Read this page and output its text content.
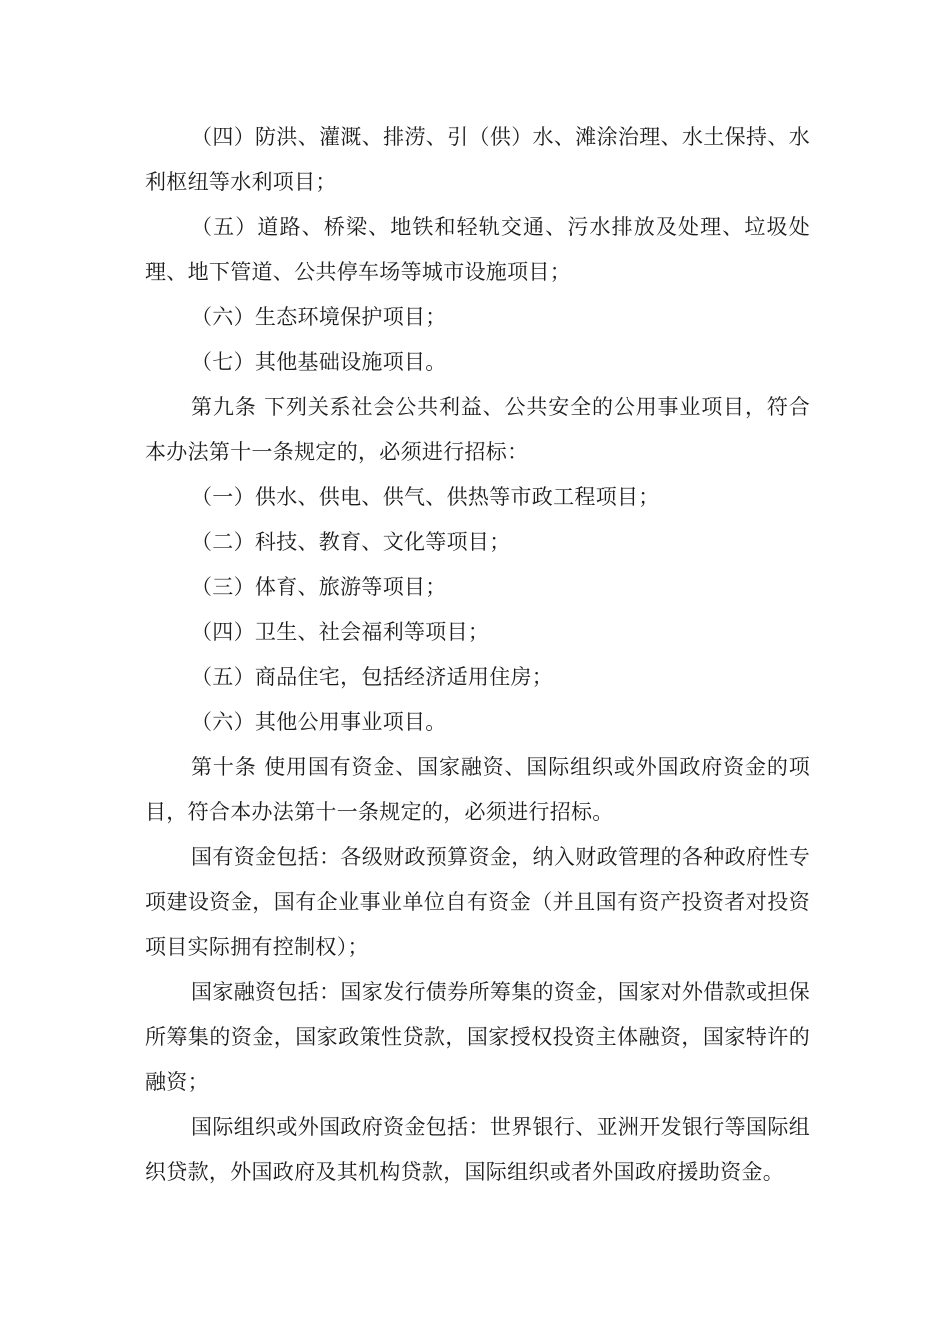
（四）防洪、灌溉、排涝、引（供）水、滩涂治理、水土保持、水利枢纽等水利项目；

（五）道路、桥梁、地铁和轻轨交通、污水排放及处理、垃圾处理、地下管道、公共停车场等城市设施项目；

（六）生态环境保护项目；

（七）其他基础设施项目。

第九条 下列关系社会公共利益、公共安全的公用事业项目，符合本办法第十一条规定的，必须进行招标：

（一）供水、供电、供气、供热等市政工程项目；

（二）科技、教育、文化等项目；

（三）体育、旅游等项目；

（四）卫生、社会福利等项目；

（五）商品住宅，包括经济适用住房；

（六）其他公用事业项目。

第十条 使用国有资金、国家融资、国际组织或外国政府资金的项目，符合本办法第十一条规定的，必须进行招标。

国有资金包括：各级财政预算资金，纳入财政管理的各种政府性专项建设资金，国有企业事业单位自有资金（并且国有资产投资者对投资项目实际拥有控制权）；

国家融资包括：国家发行债券所筹集的资金，国家对外借款或担保所筹集的资金，国家政策性贷款，国家授权投资主体融资，国家特许的融资；

国际组织或外国政府资金包括：世界银行、亚洲开发银行等国际组织贷款，外国政府及其机构贷款，国际组织或者外国政府援助资金。
